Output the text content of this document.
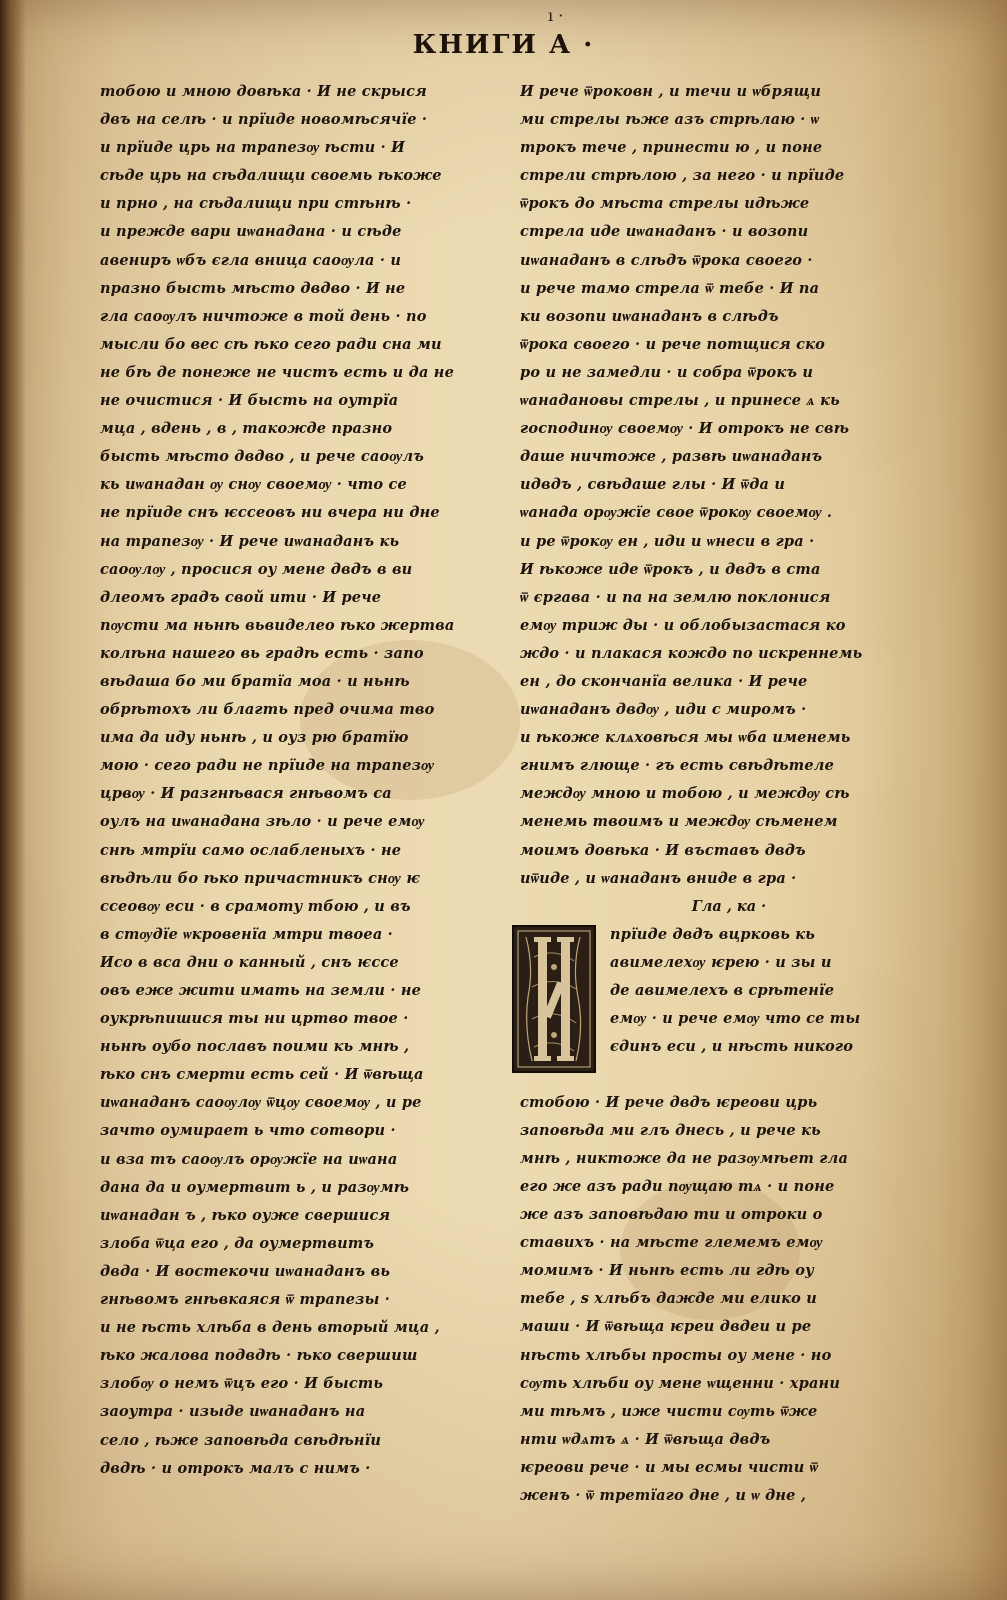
ı ·
КНИГИ А ·
тобою и мною довѣка · И не скрыся
двъ на селѣ · и прїиде новомѣсячїе ·
и прїиде црь на трапезѹ ѣсти · И
сѣде црь на сѣдалищи своемь ѣкоже
и прно , на сѣдалищи при стѣнѣ ·
и прежде вари иѡанадана · и сѣде
авениръ ѡбъ єгла вница саоѹла · и
празно бысть мѣсто двдво · И не
гла саоѹлъ ничтоже в той день · по
мысли бо вес сѣ ѣко сего ради сна ми
не бѣ де понеже не чистъ есть и да не
не очистися · И бысть на оутрїа
мца , вдень , в , такожде празно
бысть мѣсто двдво , и рече саоѹлъ
кь иѡанадан ѹ снѹ своемѹ · что се
не прїиде снъ ѥссеовъ ни вчера ни дне
на трапезѹ · И рече иѡанаданъ кь
саоѹлѹ , просися оу мене двдъ в ви
длеомъ градъ свой ити · И рече
пѹсти ма ньнѣ вьвиделео ѣко жертва
колѣна нашего вь градѣ есть · запо
вѣдаша бо ми братїа моа · и ньнѣ
обрѣтохъ ли благть пред очима тво
има да иду ньнѣ , и оуз рю братїю
мою · сего ради не прїиде на трапезѹ
црвѹ · И разгнѣвася гнѣвомъ са
оулъ на иѡанадана зѣло · и рече емѹ
снѣ мтрїи само ослабленыхъ · не
вѣдѣли бо ѣко причастникъ снѹ ѥ
ссеовѹ еси · в срамоту тбою , и въ
в стѹдїе ѡкровенїа мтри твоеа ·
Исо в вса дни о канный , снъ ѥссе
овъ еже жити имать на земли · не
оукрѣпишися ты ни цртво твое ·
ньнѣ оубо пославъ поими кь мнѣ ,
ѣко снъ смерти есть сей · И ѿвѣща
иѡанаданъ саоѹлѹ ѿцѹ своемѹ , и ре
зачто оумирает ь что сотвори ·
и вза тъ саоѹлъ орѹжїе на иѡана
дана да и оумертвит ь , и разѹмѣ
иѡанадан ъ , ѣко оуже свершися
злоба ѿца его , да оумертвитъ
двда · И востекочи иѡанаданъ вь
гнѣвомъ гнѣвкаяся ѿ трапезы ·
и не ѣсть хлѣба в день вторый мца ,
ѣко жалова подвдѣ · ѣко свершиш
злобѹ о немъ ѿцъ его · И бысть
заоутра · изыде иѡанаданъ на
село , ѣже заповѣда свѣдѣнїи
двдѣ · и отрокъ малъ с нимъ ·
И рече ѿроковн , и течи и ѡбрящи
ми стрелы ѣже азъ стрѣлаю · ѡ
трокъ тече , принести ю , и поне
стрели стрѣлою , за него · и прїиде
ѿрокъ до мѣста стрелы идѣже
стрела иде иѡанаданъ · и возопи
иѡанаданъ в слѣдъ ѿрока своего ·
и рече тамо стрела ѿ тебе · И па
ки возопи иѡанаданъ в слѣдъ
ѿрока своего · и рече потщися ско
ро и не замедли · и собра ѿрокъ и
ѡанадановы стрелы , и принесе ѧ кь
господинѹ своемѹ · И отрокъ не свѣ
даше ничтоже , развѣ иѡанаданъ
идвдъ , свѣдаше глы · И ѿда и
ѡанада орѹжїе свое ѿрокѹ своемѹ .
и ре ѿрокѹ ен , иди и ѡнеси в гра ·
И ѣкоже иде ѿрокъ , и двдъ в ста
ѿ єргава · и па на землю поклонися
емѹ триж ды · и облобызастася ко
ждо · и плакася кождо по искреннемь
ен , до скончанїа велика · И рече
иѡанаданъ двдѹ , иди с миромъ ·
и ѣкоже клѧховѣся мы ѡба именемь
гнимъ глюще · гъ есть свѣдѣтеле
междѹ мною и тобою , и междѹ сѣ
менемь твоимъ и междѹ сѣменем
моимъ довѣка · И въставъ двдъ
иѿиде , и ѡанаданъ вниде в гра ·
Гла , ка ·
прїиде двдъ вцрковь кь
авимелехѹ ѥрею · и зы и
де авимелехъ в срѣтенїе
емѹ · и рече емѹ что се ты
єдинъ еси , и нѣсть никого
стобою · И рече двдъ ѥреови црь
заповѣда ми глъ днесь , и рече кь
мнѣ , никтоже да не разѹмѣет гла
его же азъ ради пѹщаю тѧ · и поне
же азъ заповѣдаю ти и отроки о
ставихъ · на мѣсте глемемъ емѹ
момимъ · И ньнѣ есть ли гдѣ оу
тебе , ѕ хлѣбъ дажде ми елико и
маши · И ѿвѣща ѥреи двдеи и ре
нѣсть хлѣбы просты оу мене · но
сѹть хлѣби оу мене ѡщенни · храни
ми тѣмъ , иже чисти сѹть ѿже
нти ѡдѧтъ ѧ · И ѿвѣща двдъ
ѥреови рече · и мы есмы чисти ѿ
женъ · ѿ третїаго дне , и ѡ дне ,
